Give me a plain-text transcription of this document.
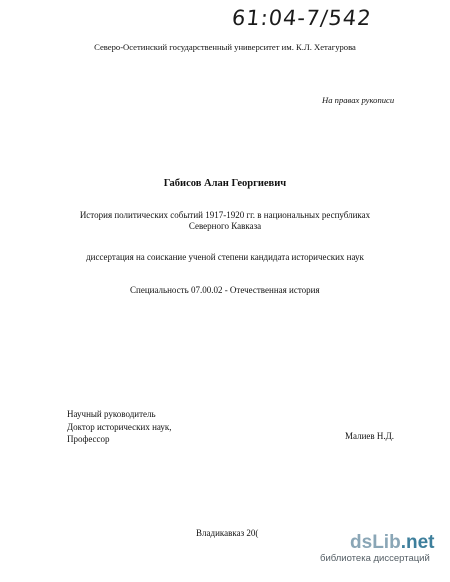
61:04-7/542
Северо-Осетинский государственный университет им. К.Л. Хетагурова
На правах рукописи
Габисов Алан Георгиевич
История политических событий 1917-1920 гг. в национальных республиках
Северного Кавказа
диссертация на соискание ученой степени кандидата исторических наук
Специальность 07.00.02 - Отечественная история
Научный руководитель
Доктор исторических наук,
Профессор	Малиев Н.Д.
Владикавказ 20(	dsLib.net
библиотека диссертаций
